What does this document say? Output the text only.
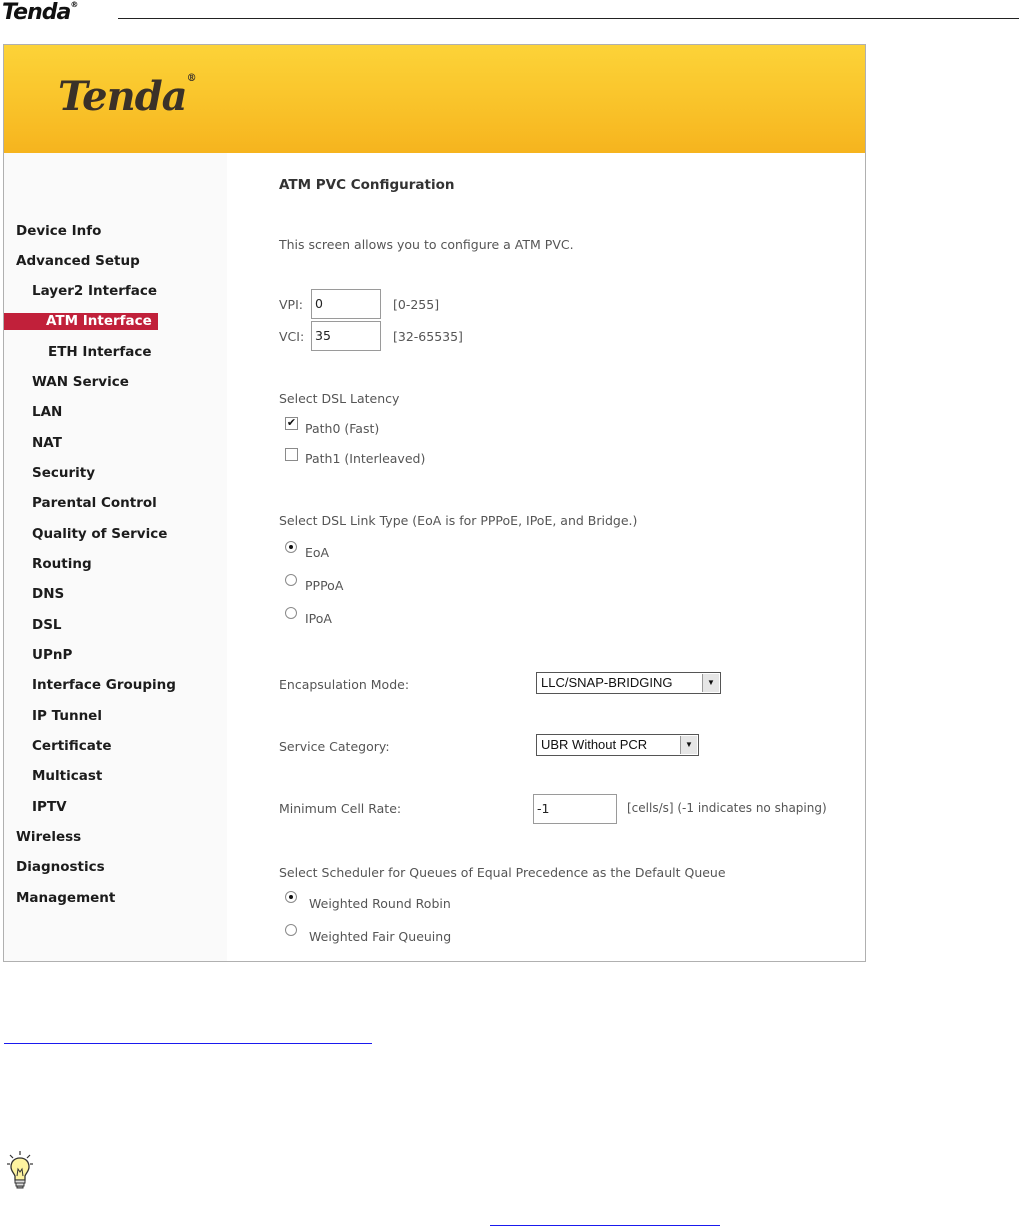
Tenda®
Tenda®
Device Info
Advanced Setup
Layer2 Interface
ATM Interface
ETH Interface
WAN Service
LAN
NAT
Security
Parental Control
Quality of Service
Routing
DNS
DSL
UPnP
Interface Grouping
IP Tunnel
Certificate
Multicast
IPTV
Wireless
Diagnostics
Management
ATM PVC Configuration
This screen allows you to configure a ATM PVC.
VPI: 0	[0-255]
VCI: 35	[32-65535]
Select DSL Latency
✔ Path0 (Fast)
Path1 (Interleaved)
Select DSL Link Type (EoA is for PPPoE, IPoE, and Bridge.)
EoA
PPPoA
IPoA
Encapsulation Mode:	LLC/SNAP-BRIDGING	▼
Service Category:	UBR Without PCR	▼
Minimum Cell Rate:	-1	[cells/s] (-1 indicates no shaping)
Select Scheduler for Queues of Equal Precedence as the Default Queue
Weighted Round Robin
Weighted Fair Queuing
